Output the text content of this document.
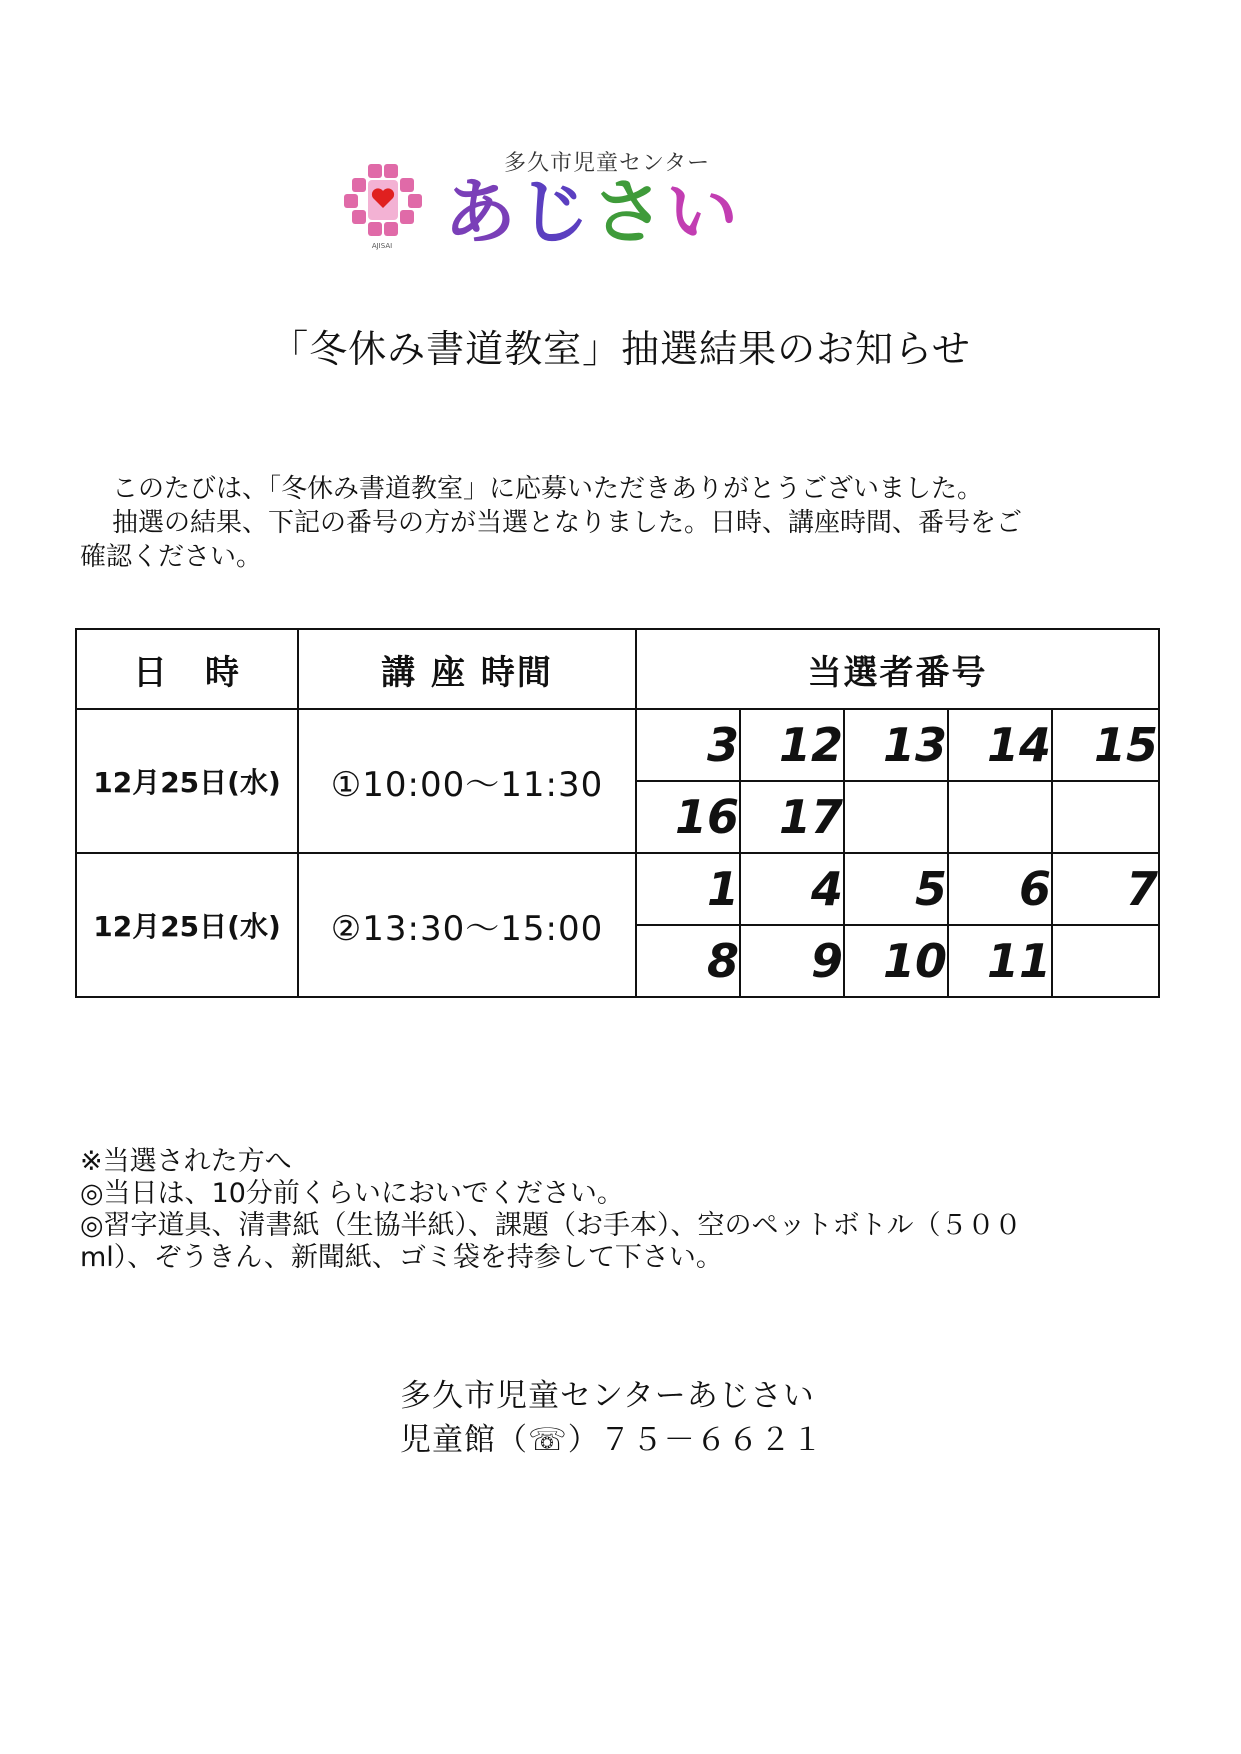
AJISAI
多久市児童センター
あじさい
「冬休み書道教室」抽選結果のお知らせ

このたびは、「冬休み書道教室」に応募いただきありがとうございました。

抽選の結果、下記の番号の方が当選となりました。日時、講座時間、番号をご

確認ください。

日　時	講 座 時間	当選者番号				
12月25日(水)	①10:00〜11:30	3	12	13	14	15
		16	17			
12月25日(水)	②13:30〜15:00	1	4	5	6	7
		8	9	10	11	

※当選された方へ

◎当日は、10分前くらいにおいでください。

◎習字道具、清書紙（生協半紙）、課題（お手本）、空のペットボトル（５００

ml）、ぞうきん、新聞紙、ゴミ袋を持参して下さい。

多久市児童センターあじさい

児童館（☏）７５－６６２１
